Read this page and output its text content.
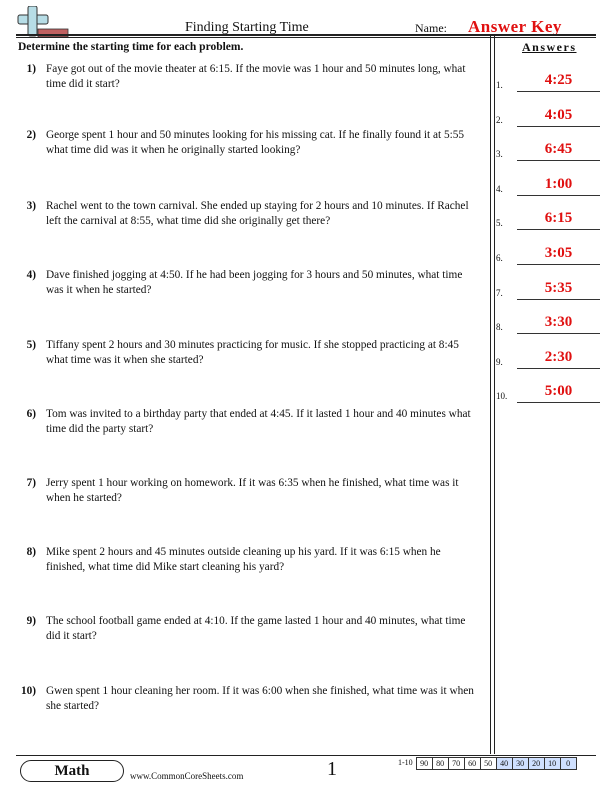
Finding Starting Time	Name: Answer Key
Determine the starting time for each problem.	Answers
1) Faye got out of the movie theater at 6:15. If the movie was 1 hour and 50 minutes long, what time did it start?
2) George spent 1 hour and 50 minutes looking for his missing cat. If he finally found it at 5:55 what time did was it when he originally started looking?
3) Rachel went to the town carnival. She ended up staying for 2 hours and 10 minutes. If Rachel left the carnival at 8:55, what time did she originally get there?
4) Dave finished jogging at 4:50. If he had been jogging for 3 hours and 50 minutes, what time was it when he started?
5) Tiffany spent 2 hours and 30 minutes practicing for music. If she stopped practicing at 8:45 what time was it when she started?
6) Tom was invited to a birthday party that ended at 4:45. If it lasted 1 hour and 40 minutes what time did the party start?
7) Jerry spent 1 hour working on homework. If it was 6:35 when he finished, what time was it when he started?
8) Mike spent 2 hours and 45 minutes outside cleaning up his yard. If it was 6:15 when he finished, what time did Mike start cleaning his yard?
9) The school football game ended at 4:10. If the game lasted 1 hour and 40 minutes, what time did it start?
10) Gwen spent 1 hour cleaning her room. If it was 6:00 when she finished, what time was it when she started?
1.	4:25
2.	4:05
3.	6:45
4.	1:00
5.	6:15
6.	3:05
7.	5:35
8.	3:30
9.	2:30
10.	5:00
Math	www.CommonCoreSheets.com	1	1-10 90	80	70	60	50	40	30	20	10	0
